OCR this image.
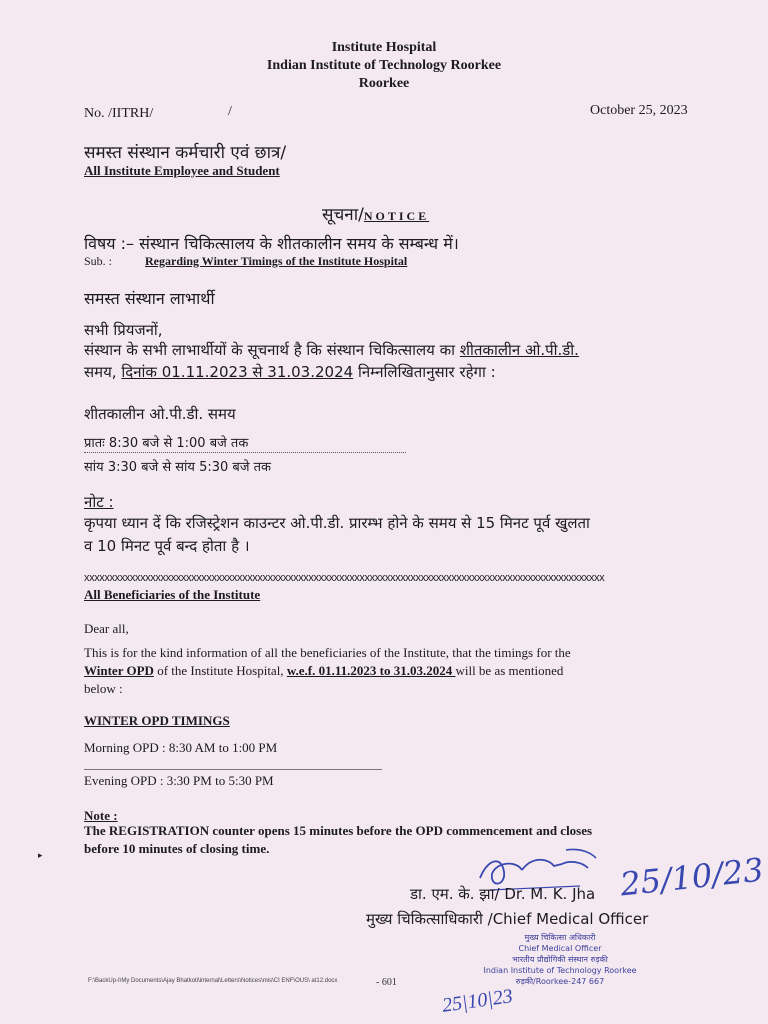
Institute Hospital
Indian Institute of Technology Roorkee
Roorkee
No. /IITRH/	/	October 25, 2023
समस्त संस्थान कर्मचारी एवं छात्र/
All Institute Employee and Student
सूचना/NOTICE
विषय :– संस्थान चिकित्सालय के शीतकालीन समय के सम्बन्ध में।
Sub. :	Regarding Winter Timings of the Institute Hospital
समस्त संस्थान लाभार्थी
सभी प्रियजनों,
संस्थान के सभी लाभार्थीयों के सूचनार्थ है कि संस्थान चिकित्सालय का शीतकालीन ओ.पी.डी.
समय, दिनांक 01.11.2023 से 31.03.2024 निम्नलिखितानुसार रहेगा :
शीतकालीन ओ.पी.डी. समय
प्रातः 8:30 बजे से 1:00 बजे तक
सांय 3:30 बजे से सांय 5:30 बजे तक
नोट :
कृपया ध्यान दें कि रजिस्ट्रेशन काउन्टर ओ.पी.डी. प्रारम्भ होने के समय से 15 मिनट पूर्व खुलता
व 10 मिनट पूर्व बन्द होता है ।
xxxxxxxxxxxxxxxxxxxxxxxxxxxxxxxxxxxxxxxxxxxxxxxxxxxxxxxxxxxxxxxxxxxxxxxxxxxxxxxxxxxxxxxxxxxxxxxxxxxxxx
All Beneficiaries of the Institute
Dear all,
This is for the kind information of all the beneficiaries of the Institute, that the timings for the
Winter OPD of the Institute Hospital, w.e.f. 01.11.2023 to 31.03.2024 will be as mentioned
below :
WINTER OPD TIMINGS
Morning OPD : 8:30 AM to 1:00 PM
Evening OPD : 3:30 PM to 5:30 PM
Note :
The REGISTRATION counter opens 15 minutes before the OPD commencement and closes
before 10 minutes of closing time.
25/10/23
डा. एम. के. झा/ Dr. M. K. Jha
मुख्य चिकित्साधिकारी /Chief Medical Officer
मुख्य चिकित्सा अधिकारी
Chief Medical Officer
भारतीय प्रौद्योगिकी संस्थान रुड़की
Indian Institute of Technology Roorkee
रुड़की/Roorkee-247 667
F:\BackUp-I\My Documents\Ajay Bhatkoti\internal\Letters\Notices\mis\CI ENF\OUS\ at12.docx	- 601
25|10|23
▸
